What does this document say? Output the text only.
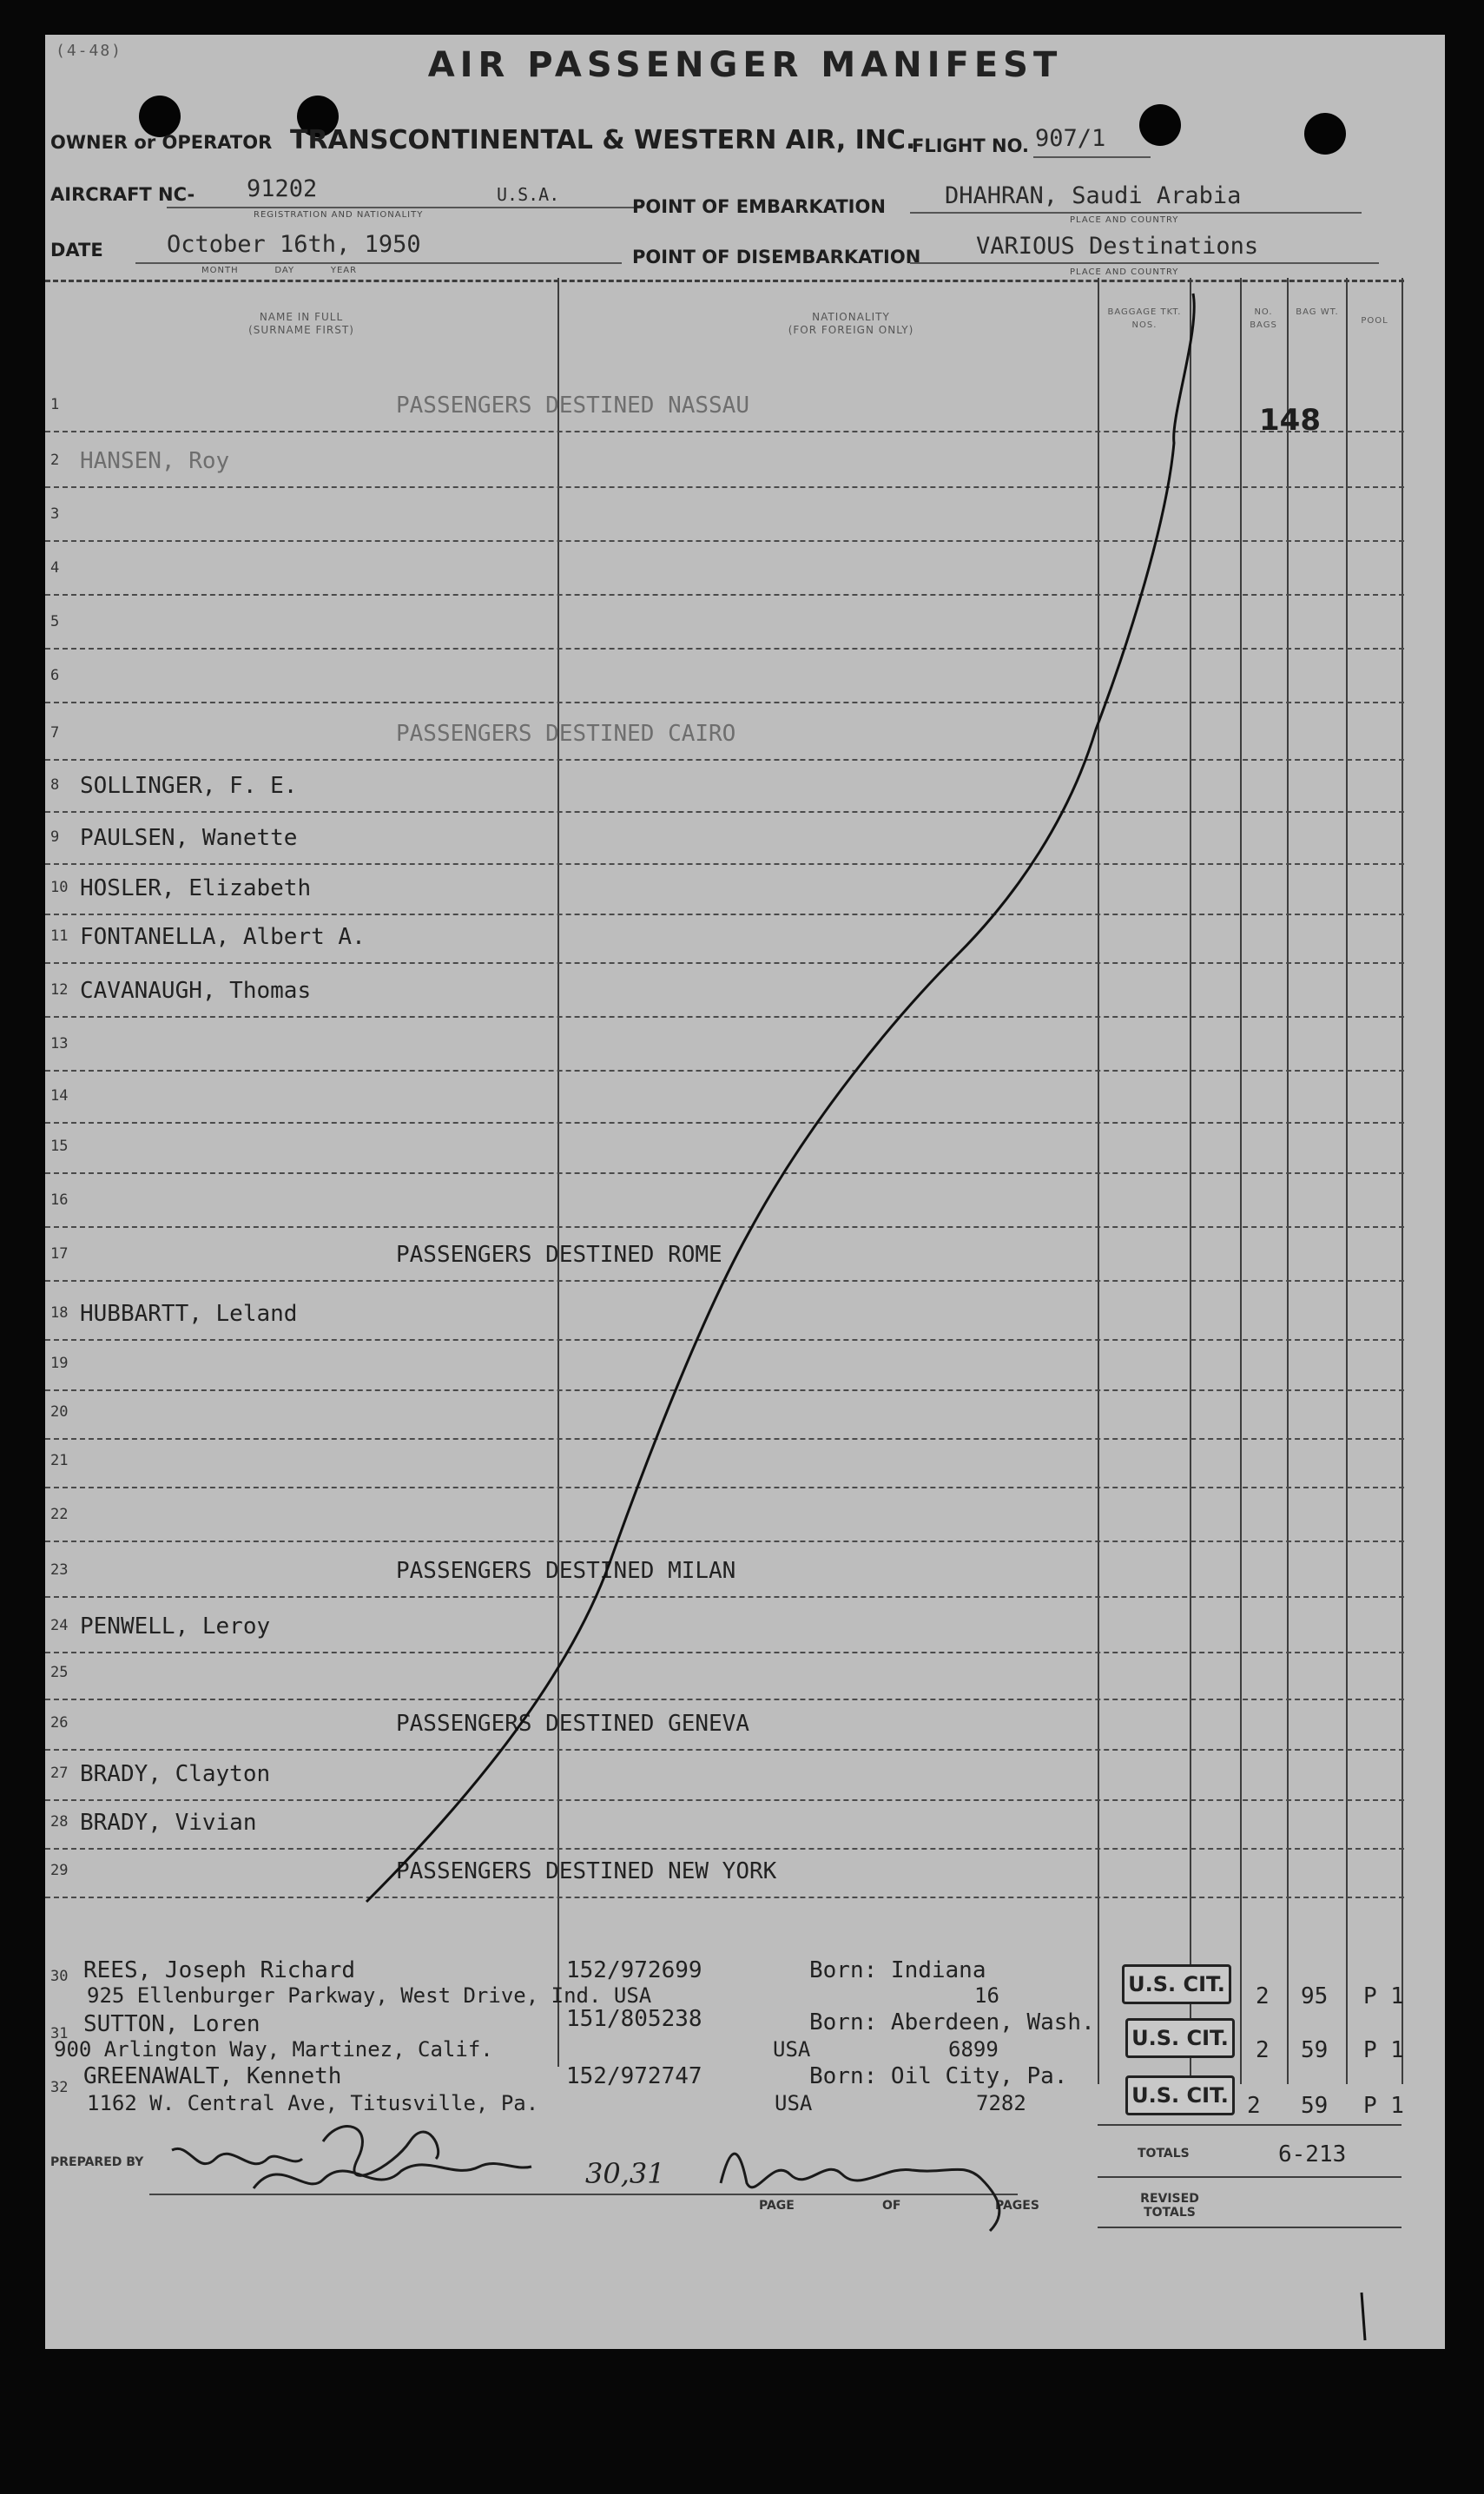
(4-48)	AIR PASSENGER MANIFEST
OWNER or OPERATOR TRANSCONTINENTAL & WESTERN AIR, INC.
FLIGHT NO. 907/1
AIRCRAFT NC- 91202	U.S.A.
REGISTRATION AND NATIONALITY	POINT OF EMBARKATION	DHAHRAN, Saudi Arabia
PLACE AND COUNTRY
DATE	October 16th, 1950
MONTH          DAY          YEAR
POINT OF DISEMBARKATION VARIOUS Destinations
PLACE AND COUNTRY
NAME IN FULL
(SURNAME FIRST)
NATIONALITY
(FOR FOREIGN ONLY)
BAGGAGE TKT. NOS.
NO. BAGS
BAG WT.
POOL
1	PASSENGERS DESTINED NASSAU
2 HANSEN, Roy
3
4
5
6
7	PASSENGERS DESTINED CAIRO
8 SOLLINGER, F. E.
9 PAULSEN, Wanette
10 HOSLER, Elizabeth
11 FONTANELLA, Albert A.
12 CAVANAUGH, Thomas
13
14
15
16
17	PASSENGERS DESTINED ROME
18 HUBBARTT, Leland
19
20
21
22
23	PASSENGERS DESTINED MILAN
24 PENWELL, Leroy
25
26	PASSENGERS DESTINED GENEVA
27 BRADY, Clayton
28 BRADY, Vivian
29	PASSENGERS DESTINED NEW YORK
148
30 REES, Joseph Richard	152/972699	Born: Indiana
925 Ellenburger Parkway, West Drive, Ind. USA	16	U.S. CIT. 2 95 P 1
31 SUTTON, Loren	151/805238	Born: Aberdeen, Wash.
900 Arlington Way, Martinez, Calif.	USA	6899	U.S. CIT. 2 59 P 1
32 GREENAWALT, Kenneth	152/972747	Born: Oil City, Pa.
1162 W. Central Ave, Titusville, Pa.	USA	7282	U.S. CIT. 2 59 P 1
TOTALS	6-213
REVISED TOTALS
PREPARED BY
PAGE	OF	PAGES
30,31
